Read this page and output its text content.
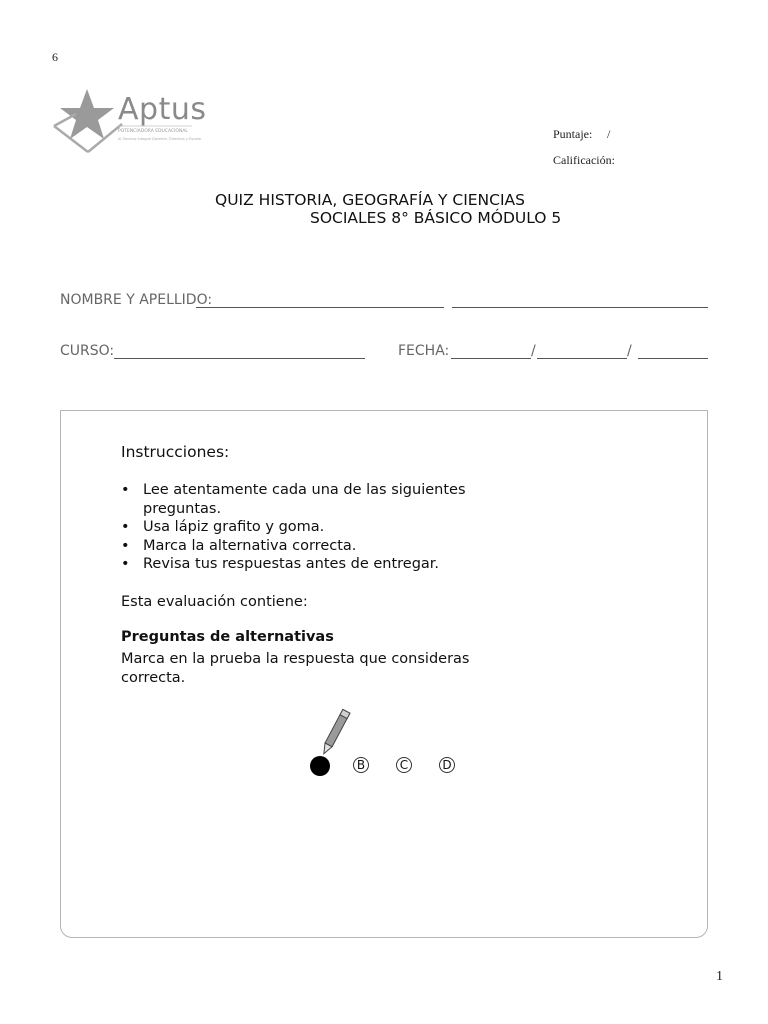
6
Aptus
POTENCIADORA EDUCACIONAL
Al Servicio Integral Docente, Directivo y Escolar	Puntaje: /
Calificación:
QUIZ HISTORIA, GEOGRAFÍA Y CIENCIAS
SOCIALES 8° BÁSICO MÓDULO 5
NOMBRE Y APELLIDO:
CURSO:	FECHA:	/	/
Instrucciones:
• Lee atentamente cada una de las siguientes preguntas.
• Usa lápiz grafito y goma.
• Marca la alternativa correcta.
• Revisa tus respuestas antes de entregar.
Esta evaluación contiene:
Preguntas de alternativas
Marca en la prueba la respuesta que consideras correcta.
B	C	D
1
